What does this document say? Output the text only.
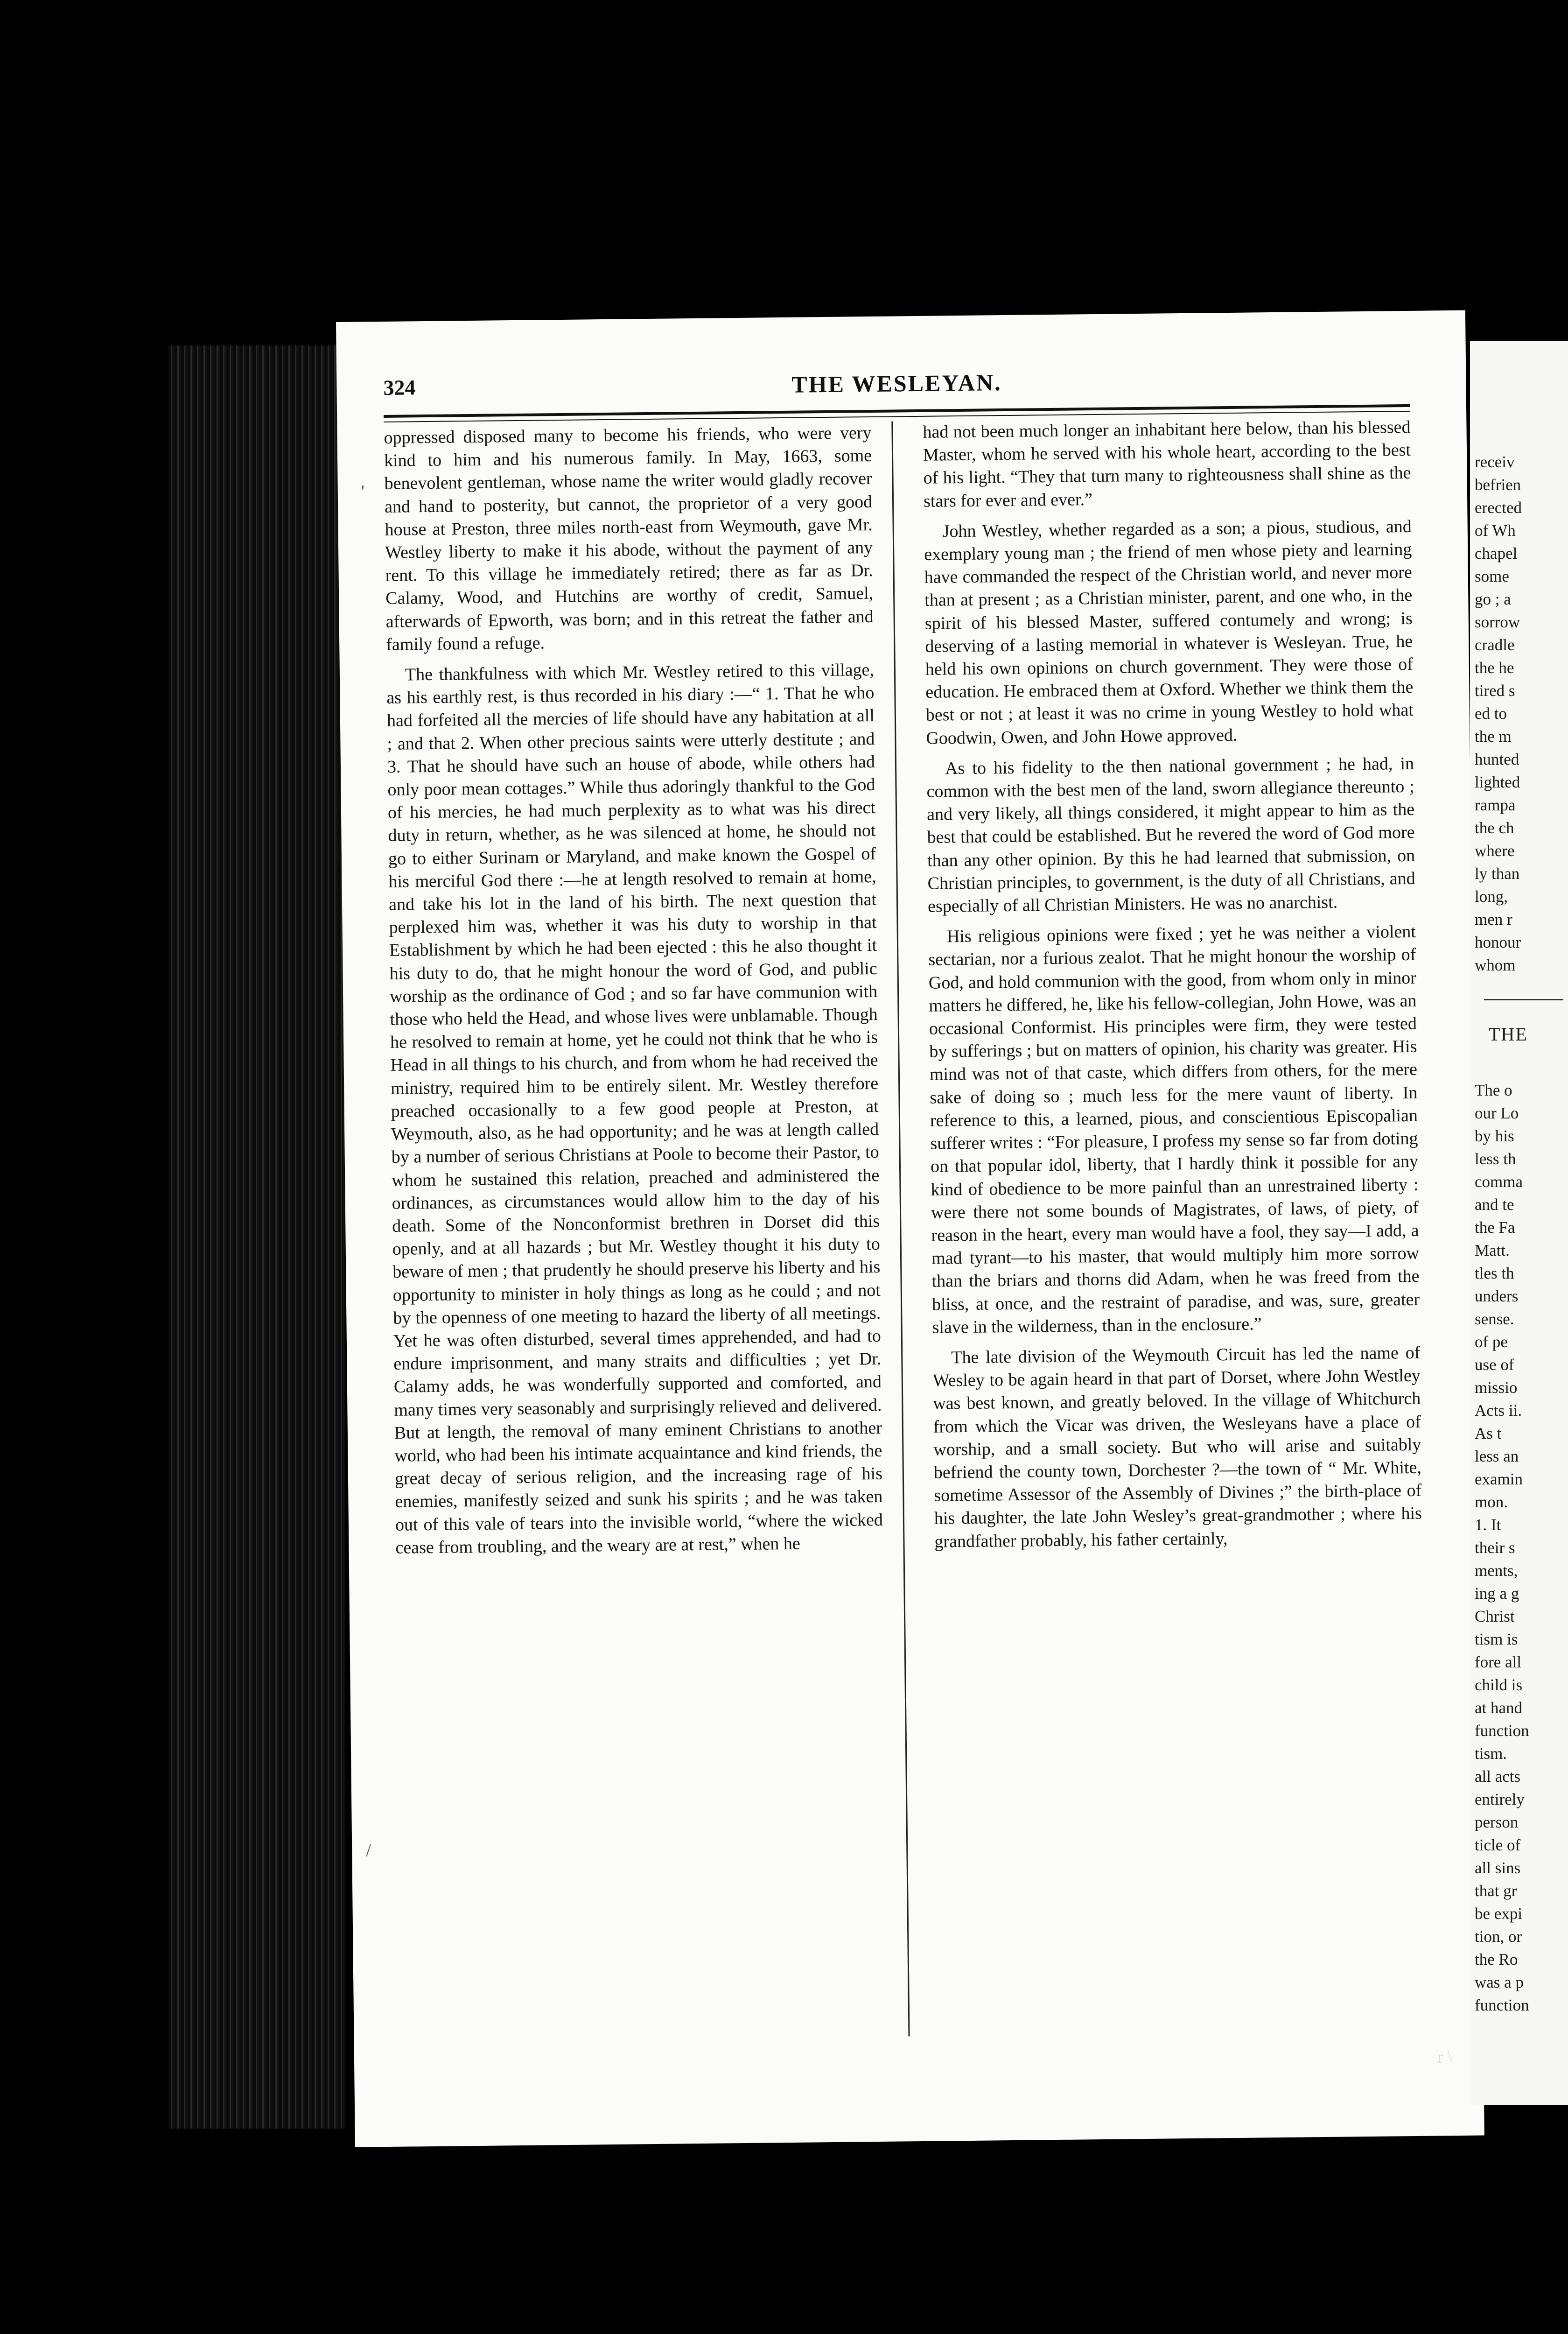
324	THE WESLEYAN.

oppressed disposed many to become his friends, who were very kind to him and his numerous family. In May, 1663, some benevolent gentleman, whose name the writer would gladly recover and hand to posterity, but cannot, the proprietor of a very good house at Preston, three miles north-east from Weymouth, gave Mr. Westley liberty to make it his abode, without the payment of any rent. To this village he immediately retired; there as far as Dr. Calamy, Wood, and Hutchins are worthy of credit, Samuel, afterwards of Epworth, was born; and in this retreat the father and family found a refuge.

The thankfulness with which Mr. Westley retired to this village, as his earthly rest, is thus recorded in his diary :—“ 1. That he who had forfeited all the mercies of life should have any habitation at all ; and that 2. When other precious saints were utterly destitute ; and 3. That he should have such an house of abode, while others had only poor mean cottages.” While thus adoringly thankful to the God of his mercies, he had much perplexity as to what was his direct duty in return, whether, as he was silenced at home, he should not go to either Surinam or Maryland, and make known the Gospel of his merciful God there :—he at length resolved to remain at home, and take his lot in the land of his birth. The next question that perplexed him was, whether it was his duty to worship in that Establishment by which he had been ejected : this he also thought it his duty to do, that he might honour the word of God, and public worship as the ordinance of God ; and so far have communion with those who held the Head, and whose lives were unblamable. Though he resolved to remain at home, yet he could not think that he who is Head in all things to his church, and from whom he had received the ministry, required him to be entirely silent. Mr. Westley therefore preached occasionally to a few good people at Preston, at Weymouth, also, as he had opportunity; and he was at length called by a number of serious Christians at Poole to become their Pastor, to whom he sustained this relation, preached and administered the ordinances, as circumstances would allow him to the day of his death. Some of the Nonconformist brethren in Dorset did this openly, and at all hazards ; but Mr. Westley thought it his duty to beware of men ; that prudently he should preserve his liberty and his opportunity to minister in holy things as long as he could ; and not by the openness of one meeting to hazard the liberty of all meetings. Yet he was often disturbed, several times apprehended, and had to endure imprisonment, and many straits and difficulties ; yet Dr. Calamy adds, he was wonderfully supported and comforted, and many times very seasonably and surprisingly relieved and delivered. But at length, the removal of many eminent Christians to another world, who had been his intimate acquaintance and kind friends, the great decay of serious religion, and the increasing rage of his enemies, manifestly seized and sunk his spirits ; and he was taken out of this vale of tears into the invisible world, “where the wicked cease from troubling, and the weary are at rest,” when he

had not been much longer an inhabitant here below, than his blessed Master, whom he served with his whole heart, according to the best of his light. “They that turn many to righteousness shall shine as the stars for ever and ever.”

John Westley, whether regarded as a son; a pious, studious, and exemplary young man ; the friend of men whose piety and learning have commanded the respect of the Christian world, and never more than at present ; as a Christian minister, parent, and one who, in the spirit of his blessed Master, suffered contumely and wrong; is deserving of a lasting memorial in whatever is Wesleyan. True, he held his own opinions on church government. They were those of education. He embraced them at Oxford. Whether we think them the best or not ; at least it was no crime in young Westley to hold what Goodwin, Owen, and John Howe approved.

As to his fidelity to the then national government ; he had, in common with the best men of the land, sworn allegiance thereunto ; and very likely, all things considered, it might appear to him as the best that could be established. But he revered the word of God more than any other opinion. By this he had learned that submission, on Christian principles, to government, is the duty of all Christians, and especially of all Christian Ministers. He was no anarchist.

His religious opinions were fixed ; yet he was neither a violent sectarian, nor a furious zealot. That he might honour the worship of God, and hold communion with the good, from whom only in minor matters he differed, he, like his fellow-collegian, John Howe, was an occasional Conformist. His principles were firm, they were tested by sufferings ; but on matters of opinion, his charity was greater. His mind was not of that caste, which differs from others, for the mere sake of doing so ; much less for the mere vaunt of liberty. In reference to this, a learned, pious, and conscientious Episcopalian sufferer writes : “For pleasure, I profess my sense so far from doting on that popular idol, liberty, that I hardly think it possible for any kind of obedience to be more painful than an unrestrained liberty : were there not some bounds of Magistrates, of laws, of piety, of reason in the heart, every man would have a fool, they say—I add, a mad tyrant—to his master, that would multiply him more sorrow than the briars and thorns did Adam, when he was freed from the bliss, at once, and the restraint of paradise, and was, sure, greater slave in the wilderness, than in the enclosure.”

The late division of the Weymouth Circuit has led the name of Wesley to be again heard in that part of Dorset, where John Westley was best known, and greatly beloved. In the village of Whitchurch from which the Vicar was driven, the Wesleyans have a place of worship, and a small society. But who will arise and suitably befriend the county town, Dorchester ?—the town of “ Mr. White, sometime Assessor of the Assembly of Divines ;” the birth-place of his daughter, the late John Wesley’s great-grandmother ; where his grandfather probably, his father certainly,

'
/
receiv
befrien
erected
of Wh
chapel
some
go ; a
sorrow
cradle
the he
tired s
ed to
the m
hunted
lighted
rampa
the ch
where
ly than
long,
men r
honour
whom
THE
The o
our Lo
by his
less th
comma
and te
the Fa
Matt.
tles th
unders
sense.
of pe
use of
missio
Acts ii.
As t
less an
examin
mon.
1. It
their s
ments,
ing a g
Christ
tism is
fore all
child is
at hand
function
tism.
all acts
entirely
person
ticle of
all sins
that gr
be expi
tion, or
the Ro
was a p
function
r \
